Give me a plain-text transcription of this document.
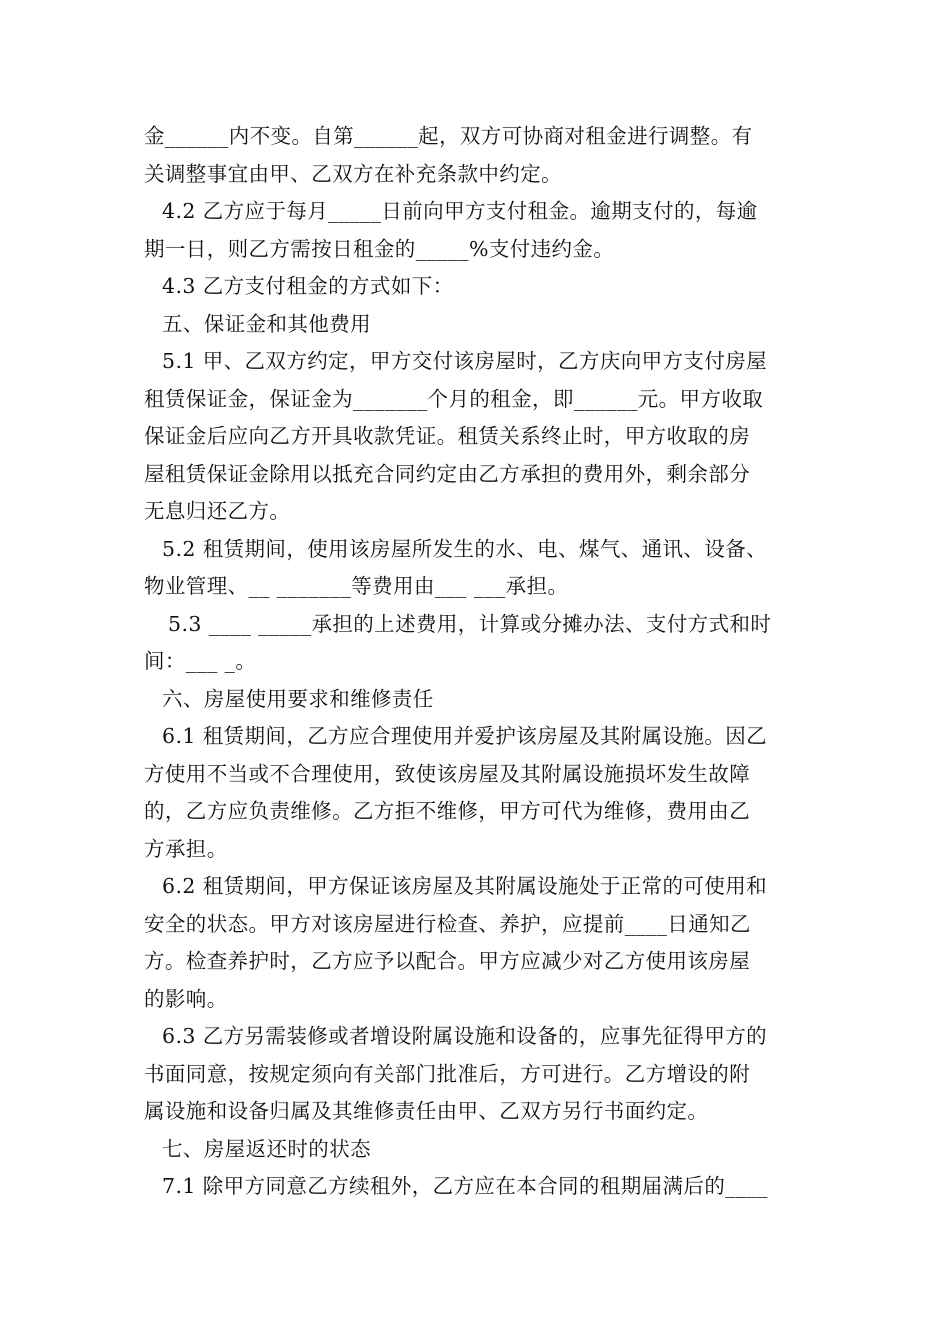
金______内不变。自第______起，双方可协商对租金进行调整。有
关调整事宜由甲、乙双方在补充条款中约定。
4.2 乙方应于每月_____日前向甲方支付租金。逾期支付的，每逾
期一日，则乙方需按日租金的_____%支付违约金。
4.3 乙方支付租金的方式如下：
五、保证金和其他费用
5.1 甲、乙双方约定，甲方交付该房屋时，乙方庆向甲方支付房屋
租赁保证金，保证金为_______个月的租金，即______元。甲方收取
保证金后应向乙方开具收款凭证。租赁关系终止时，甲方收取的房
屋租赁保证金除用以抵充合同约定由乙方承担的费用外，剩余部分
无息归还乙方。
5.2 租赁期间，使用该房屋所发生的水、电、煤气、通讯、设备、
物业管理、__ _______等费用由___ ___承担。
5.3 ____ _____承担的上述费用，计算或分摊办法、支付方式和时
间：___ _。
六、房屋使用要求和维修责任
6.1 租赁期间，乙方应合理使用并爱护该房屋及其附属设施。因乙
方使用不当或不合理使用，致使该房屋及其附属设施损坏发生故障
的，乙方应负责维修。乙方拒不维修，甲方可代为维修，费用由乙
方承担。
6.2 租赁期间，甲方保证该房屋及其附属设施处于正常的可使用和
安全的状态。甲方对该房屋进行检查、养护，应提前____日通知乙
方。检查养护时，乙方应予以配合。甲方应减少对乙方使用该房屋
的影响。
6.3 乙方另需装修或者增设附属设施和设备的，应事先征得甲方的
书面同意，按规定须向有关部门批准后，方可进行。乙方增设的附
属设施和设备归属及其维修责任由甲、乙双方另行书面约定。
七、房屋返还时的状态
7.1 除甲方同意乙方续租外，乙方应在本合同的租期届满后的____
